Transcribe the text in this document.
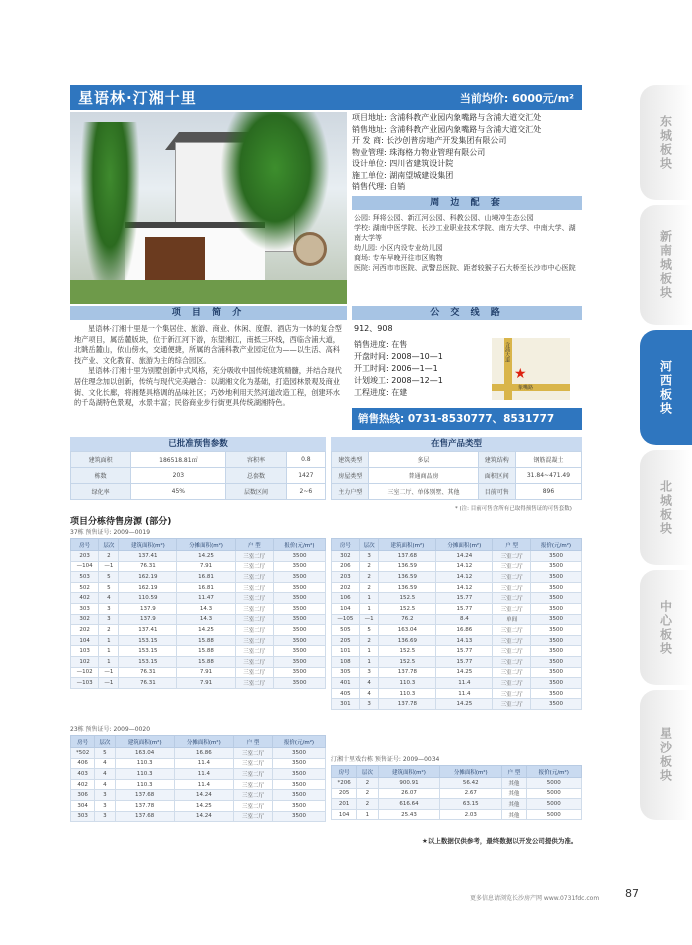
星语林·汀湘十里	当前均价: 6000元/m²
项目地址: 含浦科教产业园内象嘴路与含浦大道交汇处
销售地址: 含浦科教产业园内象嘴路与含浦大道交汇处
开 发 商: 长沙创普房地产开发集团有限公司
物业管理: 珠海格力物业管理有限公司
设计单位: 四川省建筑设计院
施工单位: 湖南望城建设集团
销售代理: 自销
周 边 配 套
公园: 拜将公园、新江河公园、科教公园、山境冲生态公园
学校: 湖南中医学院、长沙工业职业技术学院、南方大学、中南大学、湖南大学等
幼儿园: 小区内设专业幼儿园
商场: 专车早晚开往市区购物
医院: 河西市市医院、武警总医院、距者较猴子石大桥至长沙市中心医院
项 目 简 介

星语林·汀湘十里是一个集居住、旅游、商业、休闲、度假、酒店为一体的复合型地产项目，属岳麓版块，位于新江河下游，东望湘江，南抵三环线，西临含浦大道，北眺岳麓山，依山傍水，交通便捷，所属的含浦科教产业园定位为——以生活、高科技产业、文化教育、旅游为主的综合园区。

星语林·汀湘十里为别墅创新中式风格，充分吸收中国传统建筑精髓，并结合现代居住理念加以创新，传统与现代完美融合：以湖湘文化为基础，打造园林景观及商业街、文化长廊，将湘楚具格调的品味社区；巧妙地利用天然河道改造工程，创建环水的千岛湖特色景观，水景丰富；民俗商业步行街更具传统湖湘特色。

公 交 线 路
912、908
销售进度: 在售
开盘时间: 2008—10—1
开工时间: 2006—1—1
计划竣工: 2008—12—1
工程进度: 在建
★
含浦大道
象嘴路
销售热线: 0731-8530777、8531777
已批准预售参数
建筑面积	186518.81㎡	容积率	0.8
栋数	203	总套数	1427
绿化率	45%	层数区间	2~6
在售产品类型
建筑类型	多层	建筑结构	钢筋混凝土
房屋类型	普通商品房	面积区间	31.84~471.49
主力户型	三室二厅、单体别墅、其他	目前可售	896
* (注: 目前可售含所有已取得预售证的可售套数)
项目分栋待售房源 (部分)
37栋 预售证号: 2009—0019
房号	层次	建筑面积(m²)	分摊面积(m²)	户 型	报价(元/m²)
203	2	137.41	14.25	三室二厅	3500
—104	—1	76.31	7.91	三室二厅	3500
503	5	162.19	16.81	三室二厅	3500
502	5	162.19	16.81	三室二厅	3500
402	4	110.59	11.47	三室二厅	3500
303	3	137.9	14.3	三室二厅	3500
302	3	137.9	14.3	三室二厅	3500
202	2	137.41	14.25	三室二厅	3500
104	1	153.15	15.88	三室二厅	3500
103	1	153.15	15.88	三室二厅	3500
102	1	153.15	15.88	三室二厅	3500
—102	—1	76.31	7.91	三室二厅	3500
—103	—1	76.31	7.91	三室二厅	3500
23栋 预售证号: 2009—0020
房号	层次	建筑面积(m²)	分摊面积(m²)	户 型	报价(元/m²)
*502	5	163.04	16.86	三室二厅	3500
406	4	110.3	11.4	三室二厅	3500
403	4	110.3	11.4	三室二厅	3500
402	4	110.3	11.4	三室二厅	3500
306	3	137.68	14.24	三室二厅	3500
304	3	137.78	14.25	三室二厅	3500
303	3	137.68	14.24	三室二厅	3500
房号	层次	建筑面积(m²)	分摊面积(m²)	户 型	报价(元/m²)
302	3	137.68	14.24	三室二厅	3500
206	2	136.59	14.12	三室二厅	3500
203	2	136.59	14.12	三室二厅	3500
202	2	136.59	14.12	三室二厅	3500
106	1	152.5	15.77	三室二厅	3500
104	1	152.5	15.77	三室二厅	3500
—105	—1	76.2	8.4	单间	3500
505	5	163.04	16.86	三室二厅	3500
205	2	136.69	14.13	三室二厅	3500
101	1	152.5	15.77	三室二厅	3500
108	1	152.5	15.77	三室二厅	3500
305	3	137.78	14.25	三室二厅	3500
401	4	110.3	11.4	三室二厅	3500
405	4	110.3	11.4	三室二厅	3500
301	3	137.78	14.25	三室二厅	3500
汀湘十里戏台栋 预售证号: 2009—0034
房号	层次	建筑面积(m²)	分摊面积(m²)	户 型	报价(元/m²)
*206	2	900.91	56.42	其他	5000
205	2	26.07	2.67	其他	5000
201	2	616.64	63.15	其他	5000
104	1	25.43	2.03	其他	5000
★以上数据仅供参考，最终数据以开发公司提供为准。
东城板块
新南城板块
河西板块
北城板块
中心板块
星沙板块
更多信息请浏览长沙房产网 www.0731fdc.com 87
